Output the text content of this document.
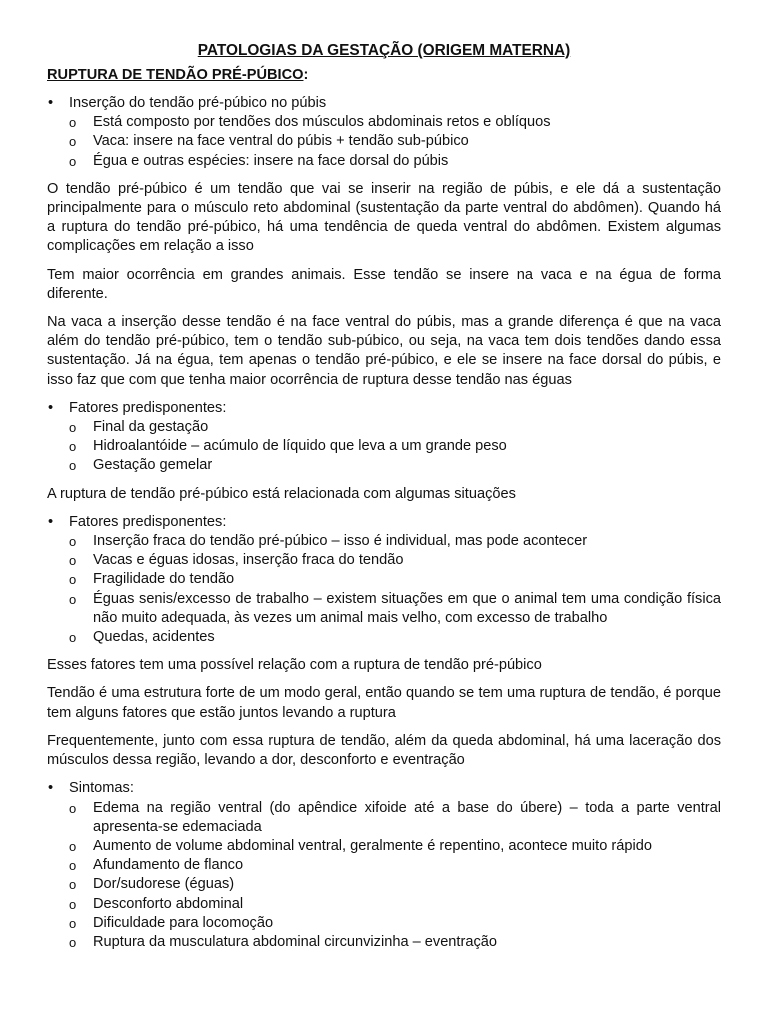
PATOLOGIAS DA GESTAÇÃO (ORIGEM MATERNA)
RUPTURA DE TENDÃO PRÉ-PÚBICO:
• Inserção do tendão pré-púbico no púbis
o Está composto por tendões dos músculos abdominais retos e oblíquos
o Vaca: insere na face ventral do púbis + tendão sub-púbico
o Égua e outras espécies: insere na face dorsal do púbis

O tendão pré-púbico é um tendão que vai se inserir na região de púbis, e ele dá a sustentação principalmente para o músculo reto abdominal (sustentação da parte ventral do abdômen). Quando há a ruptura do tendão pré-púbico, há uma tendência de queda ventral do abdômen. Existem algumas complicações em relação a isso

Tem maior ocorrência em grandes animais. Esse tendão se insere na vaca e na égua de forma diferente.

Na vaca a inserção desse tendão é na face ventral do púbis, mas a grande diferença é que na vaca além do tendão pré-púbico, tem o tendão sub-púbico, ou seja, na vaca tem dois tendões dando essa sustentação. Já na égua, tem apenas o tendão pré-púbico, e ele se insere na face dorsal do púbis, e isso faz que com que tenha maior ocorrência de ruptura desse tendão nas éguas

• Fatores predisponentes:
o Final da gestação
o Hidroalantóide – acúmulo de líquido que leva a um grande peso
o Gestação gemelar

A ruptura de tendão pré-púbico está relacionada com algumas situações

• Fatores predisponentes:
o Inserção fraca do tendão pré-púbico – isso é individual, mas pode acontecer
o Vacas e éguas idosas, inserção fraca do tendão
o Fragilidade do tendão
o Éguas senis/excesso de trabalho – existem situações em que o animal tem uma condição física não muito adequada, às vezes um animal mais velho, com excesso de trabalho
o Quedas, acidentes

Esses fatores tem uma possível relação com a ruptura de tendão pré-púbico

Tendão é uma estrutura forte de um modo geral, então quando se tem uma ruptura de tendão, é porque tem alguns fatores que estão juntos levando a ruptura

Frequentemente, junto com essa ruptura de tendão, além da queda abdominal, há uma laceração dos músculos dessa região, levando a dor, desconforto e eventração

• Sintomas:
o Edema na região ventral (do apêndice xifoide até a base do úbere) – toda a parte ventral apresenta-se edemaciada
o Aumento de volume abdominal ventral, geralmente é repentino, acontece muito rápido
o Afundamento de flanco
o Dor/sudorese (éguas)
o Desconforto abdominal
o Dificuldade para locomoção
o Ruptura da musculatura abdominal circunvizinha – eventração
